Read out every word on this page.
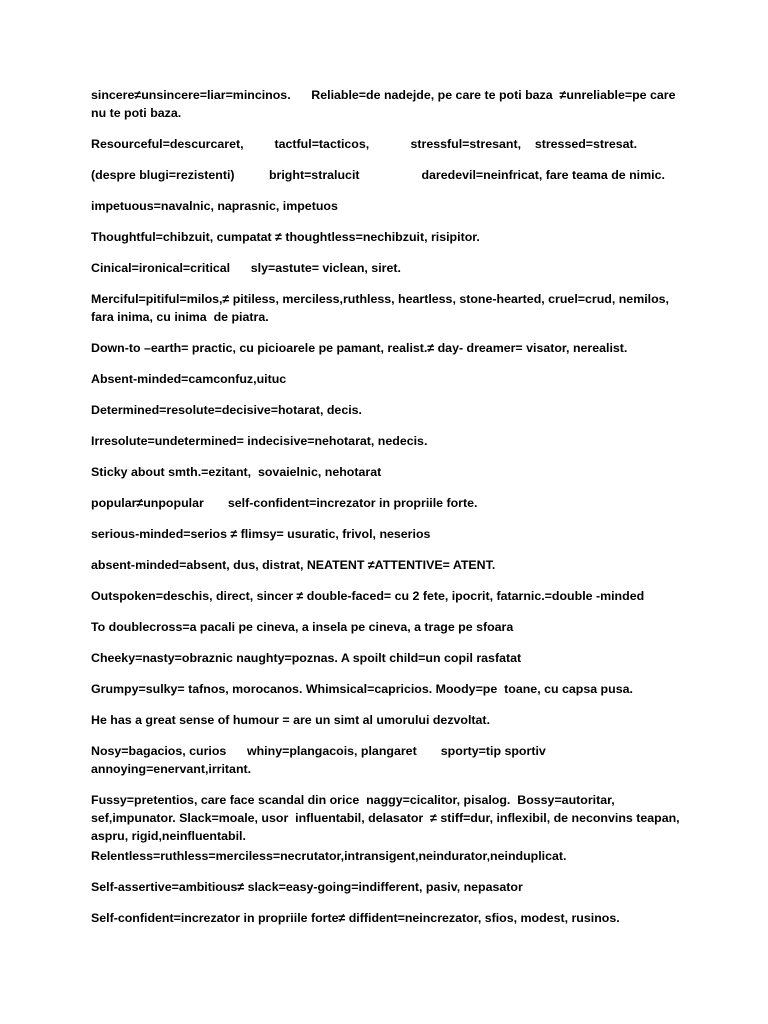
sincere≠unsincere=liar=mincinos.      Reliable=de nadejde, pe care te poti baza  ≠unreliable=pe care
nu te poti baza.
Resourceful=descurcaret,         tactful=tacticos,            stressful=stresant,    stressed=stresat.
(despre blugi=rezistenti)          bright=stralucit                  daredevil=neinfricat, fare teama de nimic.
impetuous=navalnic, naprasnic, impetuos
Thoughtful=chibzuit, cumpatat ≠ thoughtless=nechibzuit, risipitor.
Cinical=ironical=critical      sly=astute= viclean, siret.
Merciful=pitiful=milos,≠ pitiless, merciless,ruthless, heartless, stone-hearted, cruel=crud, nemilos,
fara inima, cu inima  de piatra.
Down-to –earth= practic, cu picioarele pe pamant, realist.≠ day- dreamer= visator, nerealist.
Absent-minded=camconfuz,uituc
Determined=resolute=decisive=hotarat, decis.
Irresolute=undetermined= indecisive=nehotarat, nedecis.
Sticky about smth.=ezitant,  sovaielnic, nehotarat
popular≠unpopular       self-confident=increzator in propriile forte.
serious-minded=serios ≠ flimsy= usuratic, frivol, neserios
absent-minded=absent, dus, distrat, NEATENT ≠ATTENTIVE= ATENT.
Outspoken=deschis, direct, sincer ≠ double-faced= cu 2 fete, ipocrit, fatarnic.=double -minded
To doublecross=a pacali pe cineva, a insela pe cineva, a trage pe sfoara
Cheeky=nasty=obraznic naughty=poznas. A spoilt child=un copil rasfatat
Grumpy=sulky= tafnos, morocanos. Whimsical=capricios. Moody=pe  toane, cu capsa pusa.
He has a great sense of humour = are un simt al umorului dezvoltat.
Nosy=bagacios, curios      whiny=plangacois, plangaret       sporty=tip sportiv
annoying=enervant,irritant.
Fussy=pretentios, care face scandal din orice  naggy=cicalitor, pisalog.  Bossy=autoritar,
sef,impunator. Slack=moale, usor  influentabil, delasator  ≠ stiff=dur, inflexibil, de neconvins teapan,
aspru, rigid,neinfluentabil.
Relentless=ruthless=merciless=necrutator,intransigent,neindurator,neinduplicat.
Self-assertive=ambitious≠ slack=easy-going=indifferent, pasiv, nepasator
Self-confident=increzator in propriile forte≠ diffident=neincrezator, sfios, modest, rusinos.
